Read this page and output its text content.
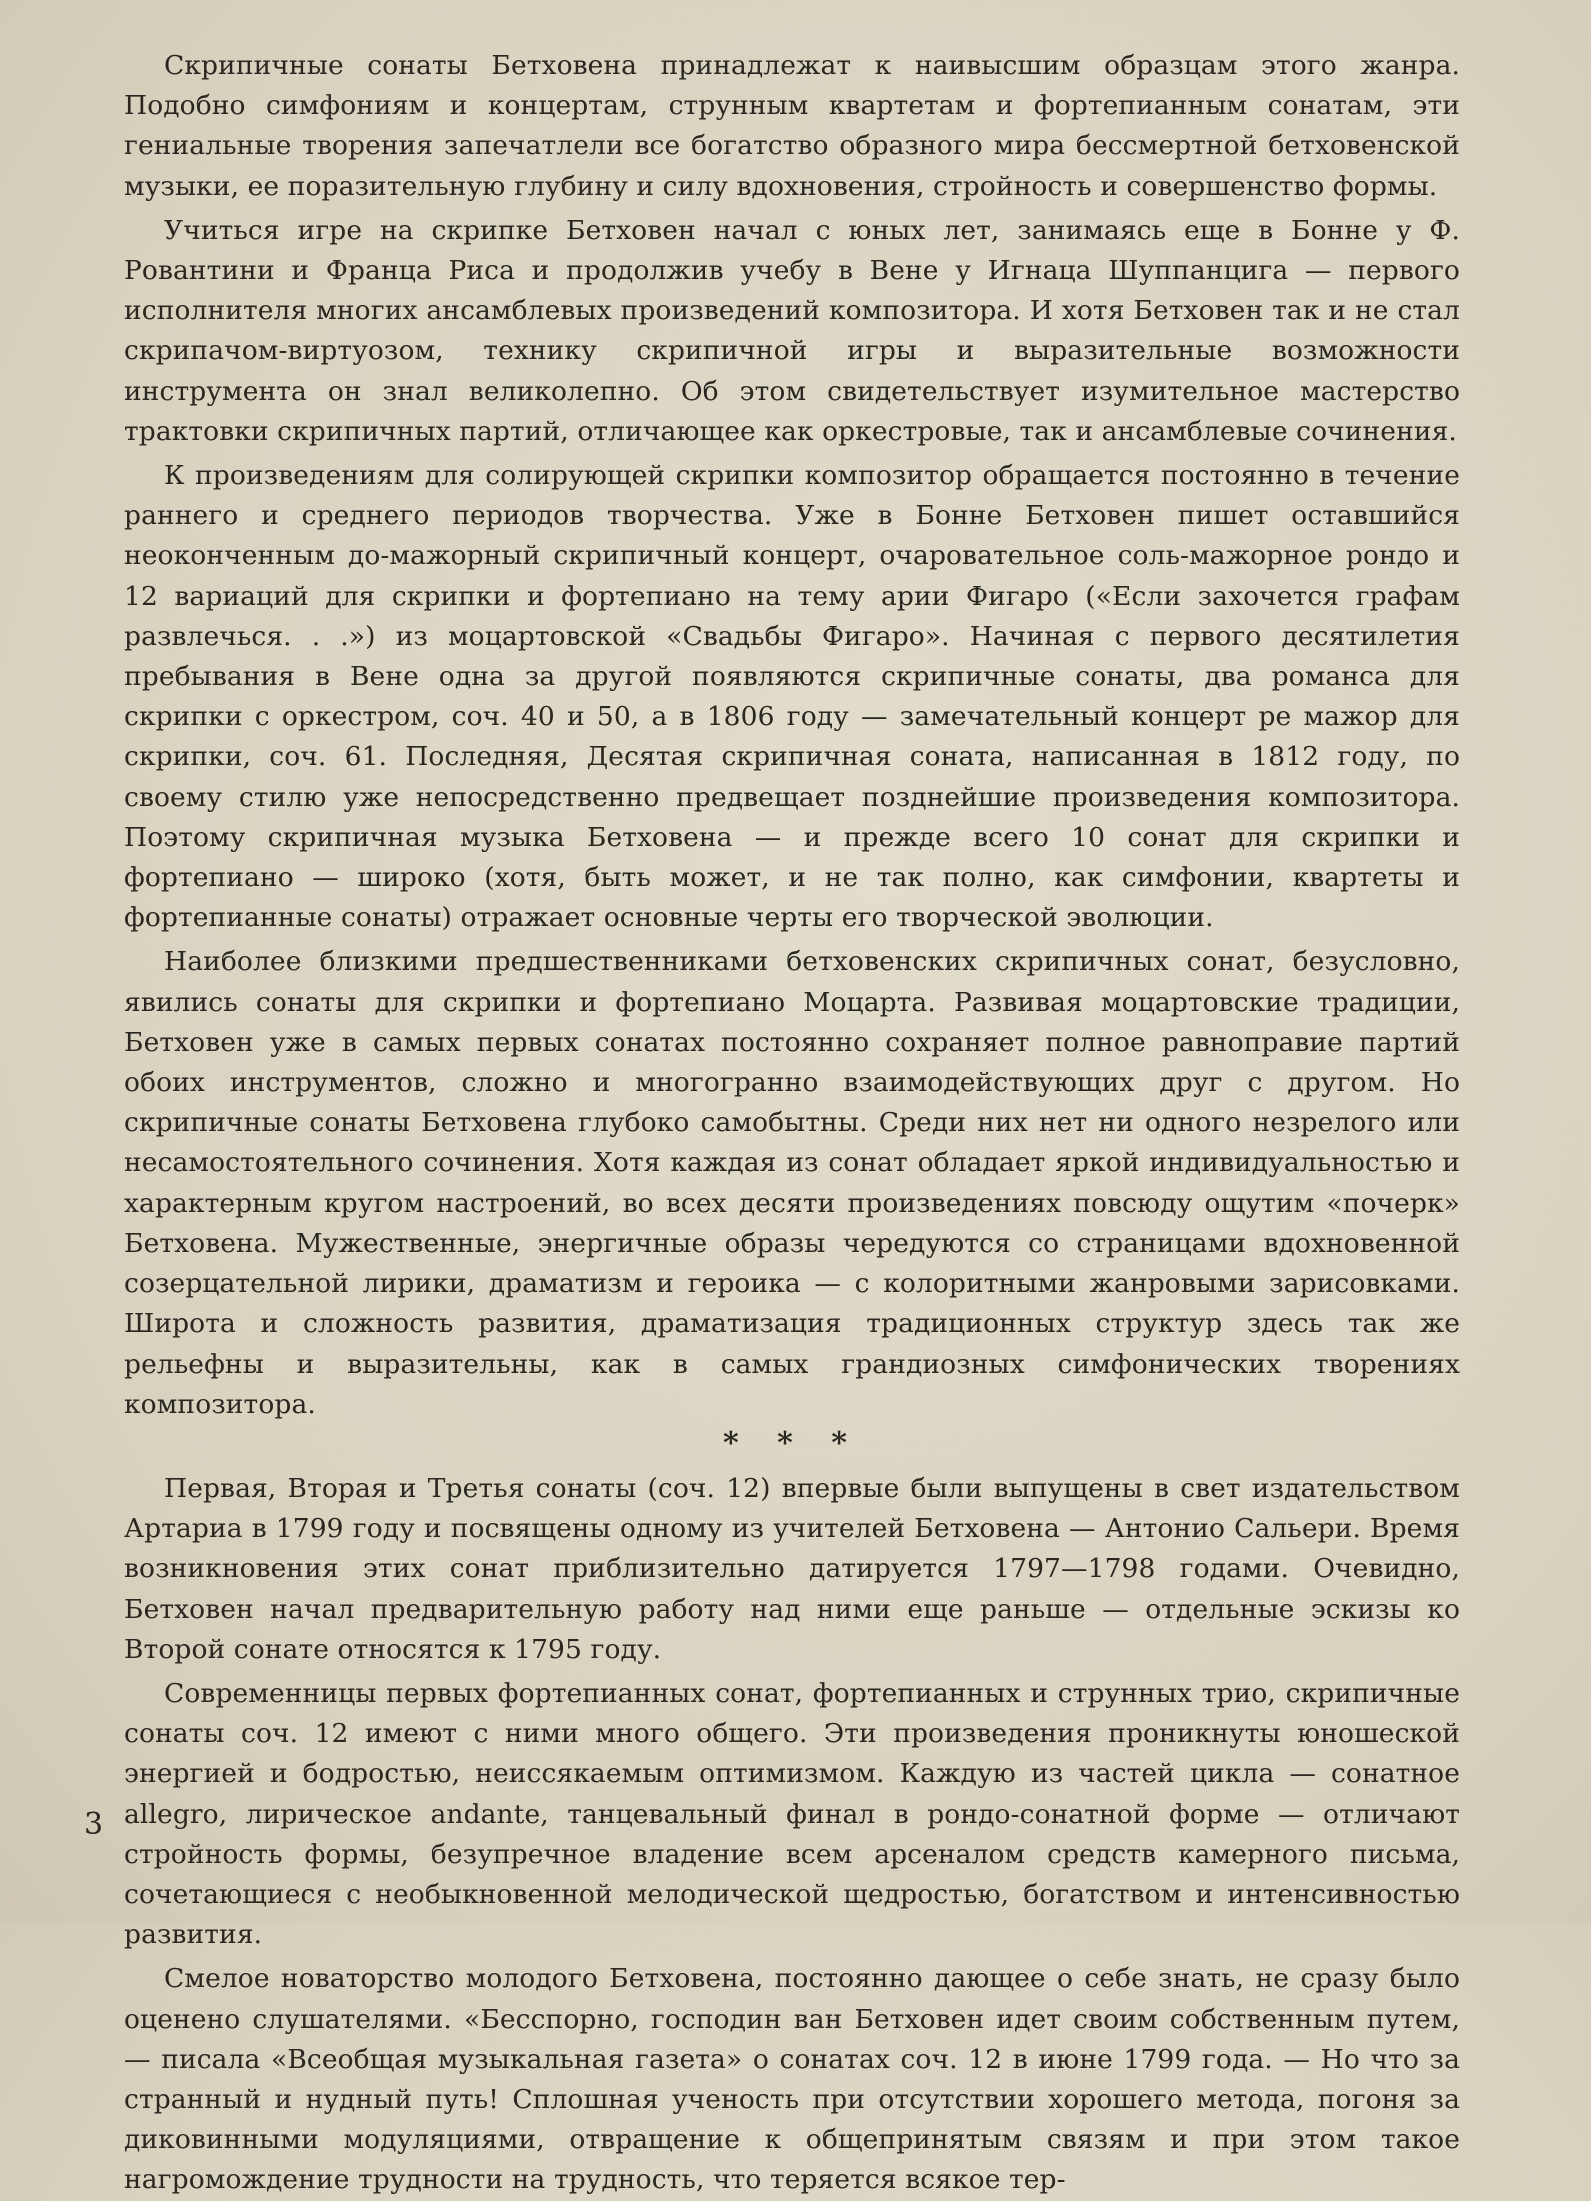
Скрипичные сонаты Бетховена принадлежат к наивысшим образцам этого жанра. Подобно симфониям и концертам, струнным квартетам и фортепианным сонатам, эти гениальные творения запечатлели все богатство образного мира бессмертной бетховенской музыки, ее поразительную глубину и силу вдохновения, стройность и совершенство формы.

Учиться игре на скрипке Бетховен начал с юных лет, занимаясь еще в Бонне у Ф. Ровантини и Франца Риса и продолжив учебу в Вене у Игнаца Шуппанцига — первого исполнителя многих ансамблевых произведений композитора. И хотя Бетховен так и не стал скрипачом-виртуозом, технику скрипичной игры и выразительные возможности инструмента он знал великолепно. Об этом свидетельствует изумительное мастерство трактовки скрипичных партий, отличающее как оркестровые, так и ансамблевые сочинения.

К произведениям для солирующей скрипки композитор обращается постоянно в течение раннего и среднего периодов творчества. Уже в Бонне Бетховен пишет оставшийся неоконченным до-мажорный скрипичный концерт, очаровательное соль-мажорное рондо и 12 вариаций для скрипки и фортепиано на тему арии Фигаро («Если захочется графам развлечься. . .») из моцартовской «Свадьбы Фигаро». Начиная с первого десятилетия пребывания в Вене одна за другой появляются скрипичные сонаты, два романса для скрипки с оркестром, соч. 40 и 50, а в 1806 году — замечательный концерт ре мажор для скрипки, соч. 61. Последняя, Десятая скрипичная соната, написанная в 1812 году, по своему стилю уже непосредственно предвещает позднейшие произведения композитора. Поэтому скрипичная музыка Бетховена — и прежде всего 10 сонат для скрипки и фортепиано — широко (хотя, быть может, и не так полно, как симфонии, квартеты и фортепианные сонаты) отражает основные черты его творческой эволюции.

Наиболее близкими предшественниками бетховенских скрипичных сонат, безусловно, явились сонаты для скрипки и фортепиано Моцарта. Развивая моцартовские традиции, Бетховен уже в самых первых сонатах постоянно сохраняет полное равноправие партий обоих инструментов, сложно и многогранно взаимодействующих друг с другом. Но скрипичные сонаты Бетховена глубоко самобытны. Среди них нет ни одного незрелого или несамостоятельного сочинения. Хотя каждая из сонат обладает яркой индивидуальностью и характерным кругом настроений, во всех десяти произведениях повсюду ощутим «почерк» Бетховена. Мужественные, энергичные образы чередуются со страницами вдохновенной созерцательной лирики, драматизм и героика — с колоритными жанровыми зарисовками. Широта и сложность развития, драматизация традиционных структур здесь так же рельефны и выразительны, как в самых грандиозных симфонических творениях композитора.

* * *

Первая, Вторая и Третья сонаты (соч. 12) впервые были выпущены в свет издательством Артариа в 1799 году и посвящены одному из учителей Бетховена — Антонио Сальери. Время возникновения этих сонат приблизительно датируется 1797—1798 годами. Очевидно, Бетховен начал предварительную работу над ними еще раньше — отдельные эскизы ко Второй сонате относятся к 1795 году.

Современницы первых фортепианных сонат, фортепианных и струнных трио, скрипичные сонаты соч. 12 имеют с ними много общего. Эти произведения проникнуты юношеской энергией и бодростью, неиссякаемым оптимизмом. Каждую из частей цикла — сонатное allegro, лирическое andante, танцевальный финал в рондо-сонатной форме — отличают стройность формы, безупречное владение всем арсеналом средств камерного письма, сочетающиеся с необыкновенной мелодической щедростью, богатством и интенсивностью развития.

Смелое новаторство молодого Бетховена, постоянно дающее о себе знать, не сразу было оценено слушателями. «Бесспорно, господин ван Бетховен идет своим собственным путем, — писала «Всеобщая музыкальная газета» о сонатах соч. 12 в июне 1799 года. — Но что за странный и нудный путь! Сплошная ученость при отсутствии хорошего метода, погоня за диковинными модуляциями, отвращение к общепринятым связям и при этом такое нагромождение трудности на трудность, что теряется всякое тер-

3
